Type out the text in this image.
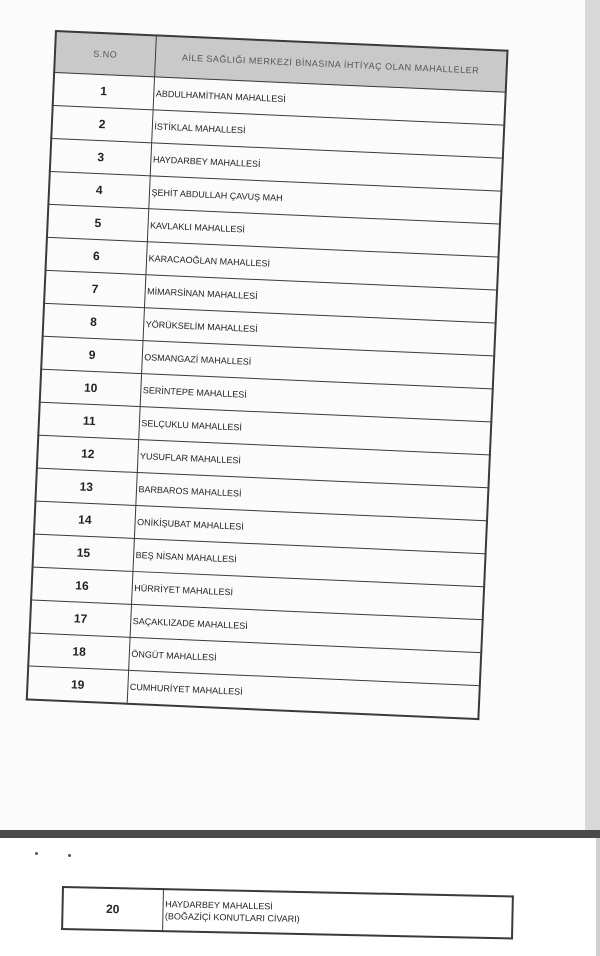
S.NO	AİLE SAĞLIĞI MERKEZİ BİNASINA İHTİYAÇ OLAN MAHALLELER
1	ABDULHAMİTHAN MAHALLESİ
2	İSTİKLAL MAHALLESİ
3	HAYDARBEY MAHALLESİ
4	ŞEHİT ABDULLAH ÇAVUŞ MAH
5	KAVLAKLI MAHALLESİ
6	KARACAOĞLAN MAHALLESİ
7	MİMARSİNAN MAHALLESİ
8	YÖRÜKSELİM MAHALLESİ
9	OSMANGAZİ MAHALLESİ
10	SERİNTEPE MAHALLESİ
11	SELÇUKLU MAHALLESİ
12	YUSUFLAR MAHALLESİ
13	BARBAROS MAHALLESİ
14	ONİKİŞUBAT MAHALLESİ
15	BEŞ NİSAN MAHALLESİ
16	HÜRRİYET MAHALLESİ
17	SAÇAKLIZADE MAHALLESİ
18	ÖNGÜT MAHALLESİ
19	CUMHURİYET MAHALLESİ
20	HAYDARBEY MAHALLESİ
(BOĞAZİÇİ KONUTLARI CİVARI)
